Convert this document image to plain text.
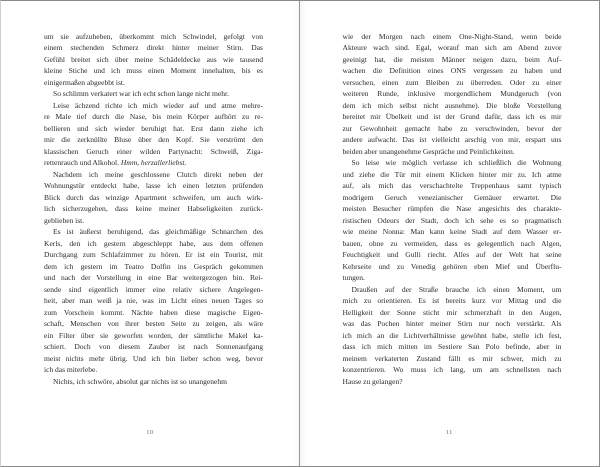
um sie aufzuheben, überkommt mich Schwindel, gefolgt von
einem stechenden Schmerz direkt hinter meiner Stirn. Das
Gefühl breitet sich über meine Schädeldecke aus wie tausend
kleine Stiche und ich muss einen Moment innehalten, bis es
einigermaßen abgeebbt ist.
So schlimm verkatert war ich echt schon lange nicht mehr.
Leise ächzend richte ich mich wieder auf und atme mehre-
re Male tief durch die Nase, bis mein Körper aufhört zu re-
bellieren und sich wieder beruhigt hat. Erst dann ziehe ich
mir die zerknüllte Bluse über den Kopf. Sie verströmt den
klassischen Geruch einer wilden Partynacht: Schweiß, Ziga-
rettenrauch und Alkohol. Hmm, herzallerliebst.
Nachdem ich meine geschlossene Clutch direkt neben der
Wohnungstür entdeckt habe, lasse ich einen letzten prüfenden
Blick durch das winzige Apartment schweifen, um auch wirk-
lich sicherzugehen, dass keine meiner Habseligkeiten zurück-
geblieben ist.
Es ist äußerst beruhigend, das gleichmäßige Schnarchen des
Kerls, den ich gestern abgeschleppt habe, aus dem offenen
Durchgang zum Schlafzimmer zu hören. Er ist ein Tourist, mit
dem ich gestern im Teatro Dolfin ins Gespräch gekommen
und nach der Vorstellung in eine Bar weitergezogen bin. Rei-
sende sind eigentlich immer eine relativ sichere Angelegen-
heit, aber man weiß ja nie, was im Licht eines neuen Tages so
zum Vorschein kommt. Nächte haben diese magische Eigen-
schaft, Menschen von ihrer besten Seite zu zeigen, als wäre
ein Filter über sie geworfen worden, der sämtliche Makel ka-
schiert. Doch von diesem Zauber ist nach Sonnenaufgang
meist nichts mehr übrig. Und ich bin lieber schon weg, bevor
ich das miterlebe.
Nichts, ich schwöre, absolut gar nichts ist so unangenehm
10
wie der Morgen nach einem One-Night-Stand, wenn beide
Akteure wach sind. Egal, worauf man sich am Abend zuvor
geeinigt hat, die meisten Männer neigen dazu, beim Auf-
wachen die Definition eines ONS vergessen zu haben und
versuchen, einen zum Bleiben zu überreden. Oder zu einer
weiteren Runde, inklusive morgendlichem Mundgeruch (von
dem ich mich selbst nicht ausnehme). Die bloße Vorstellung
bereitet mir Übelkeit und ist der Grund dafür, dass ich es mir
zur Gewohnheit gemacht habe zu verschwinden, bevor der
andere aufwacht. Das ist vielleicht arschig von mir, erspart uns
beiden aber unangenehme Gespräche und Peinlichkeiten.
So leise wie möglich verlasse ich schließlich die Wohnung
und ziehe die Tür mit einem Klicken hinter mir zu. Ich atme
auf, als mich das verschachtelte Treppenhaus samt typisch
modrigem Geruch venezianischer Gemäuer erwartet. Die
meisten Besucher rümpfen die Nase angesichts des charakte-
ristischen Odeurs der Stadt, doch ich sehe es so pragmatisch
wie meine Nonna: Man kann keine Stadt auf dem Wasser er-
bauen, ohne zu vermeiden, dass es gelegentlich nach Algen,
Feuchtigkeit und Gulli riecht. Alles auf der Welt hat seine
Kehrseite und zu Venedig gehören eben Mief und Überflu-
tungen.
Draußen auf der Straße brauche ich einen Moment, um
mich zu orientieren. Es ist bereits kurz vor Mittag und die
Helligkeit der Sonne sticht mir schmerzhaft in den Augen,
was das Pochen hinter meiner Stirn nur noch verstärkt. Als
ich mich an die Lichtverhältnisse gewöhnt habe, stelle ich fest,
dass ich mich mitten im Sestiere San Polo befinde, aber in
meinem verkaterten Zustand fällt es mir schwer, mich zu
konzentrieren. Wo muss ich lang, um am schnellsten nach
Hause zu gelangen?
11
